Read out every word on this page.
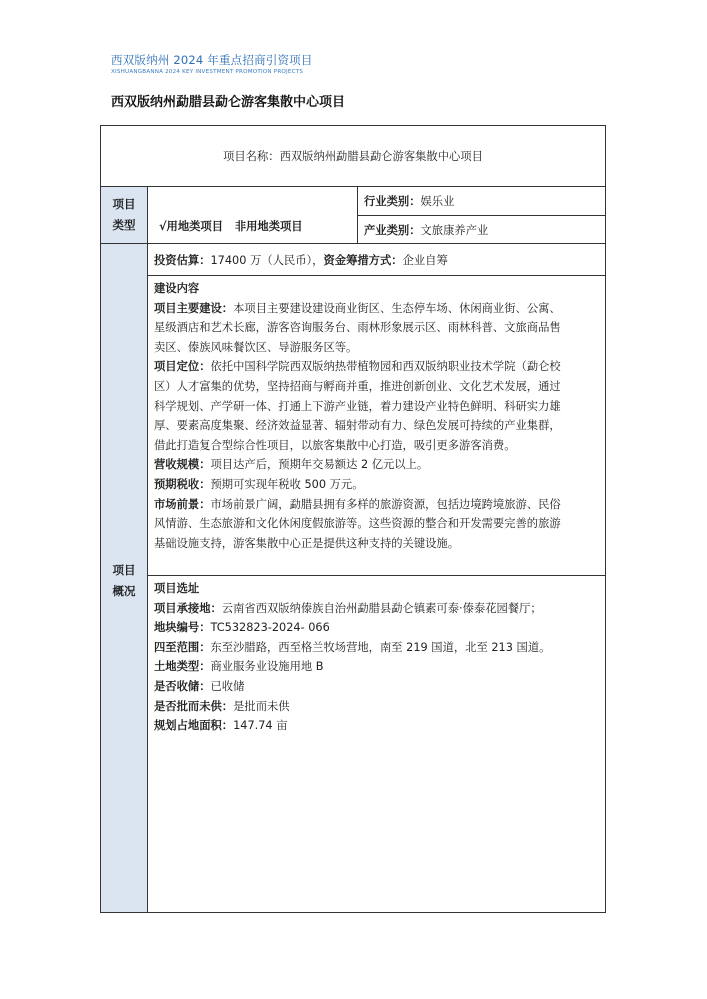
西双版纳州 2024 年重点招商引资项目
XISHUANGBANNA 2024 KEY INVESTMENT PROMOTION PROJECTS
西双版纳州勐腊县勐仑游客集散中心项目
项目名称：西双版纳州勐腊县勐仑游客集散中心项目
项目
类型	√用地类项目   非用地类项目
行业类别：娱乐业
产业类别：文旅康养产业
项目
概况
投资估算：17400 万（人民币），资金筹措方式：企业自筹
建设内容
项目主要建设：本项目主要建设建设商业街区、生态停车场、休闲商业街、公寓、
星级酒店和艺术长廊，游客咨询服务台、雨林形象展示区、雨林科普、文旅商品售
卖区、傣族风味餐饮区、导游服务区等。
项目定位：依托中国科学院西双版纳热带植物园和西双版纳职业技术学院（勐仑校
区）人才富集的优势，坚持招商与孵商并重，推进创新创业、文化艺术发展，通过
科学规划、产学研一体、打通上下游产业链，着力建设产业特色鲜明、科研实力雄
厚、要素高度集聚、经济效益显著、辐射带动有力、绿色发展可持续的产业集群，
借此打造复合型综合性项目，以旅客集散中心打造，吸引更多游客消费。
营收规模：项目达产后，预期年交易额达 2 亿元以上。
预期税收：预期可实现年税收 500 万元。
市场前景：市场前景广阔，勐腊县拥有多样的旅游资源，包括边境跨境旅游、民俗
风情游、生态旅游和文化休闲度假旅游等。这些资源的整合和开发需要完善的旅游
基础设施支持，游客集散中心正是提供这种支持的关键设施。
项目选址
项目承接地：云南省西双版纳傣族自治州勐腊县勐仑镇素可泰·傣泰花园餐厅；
地块编号：TC532823-2024- 066
四至范围：东至沙腊路，西至格兰牧场营地，南至 219 国道，北至 213 国道。
土地类型：商业服务业设施用地 B
是否收储：已收储
是否批而未供：是批而未供
规划占地面积：147.74 亩
